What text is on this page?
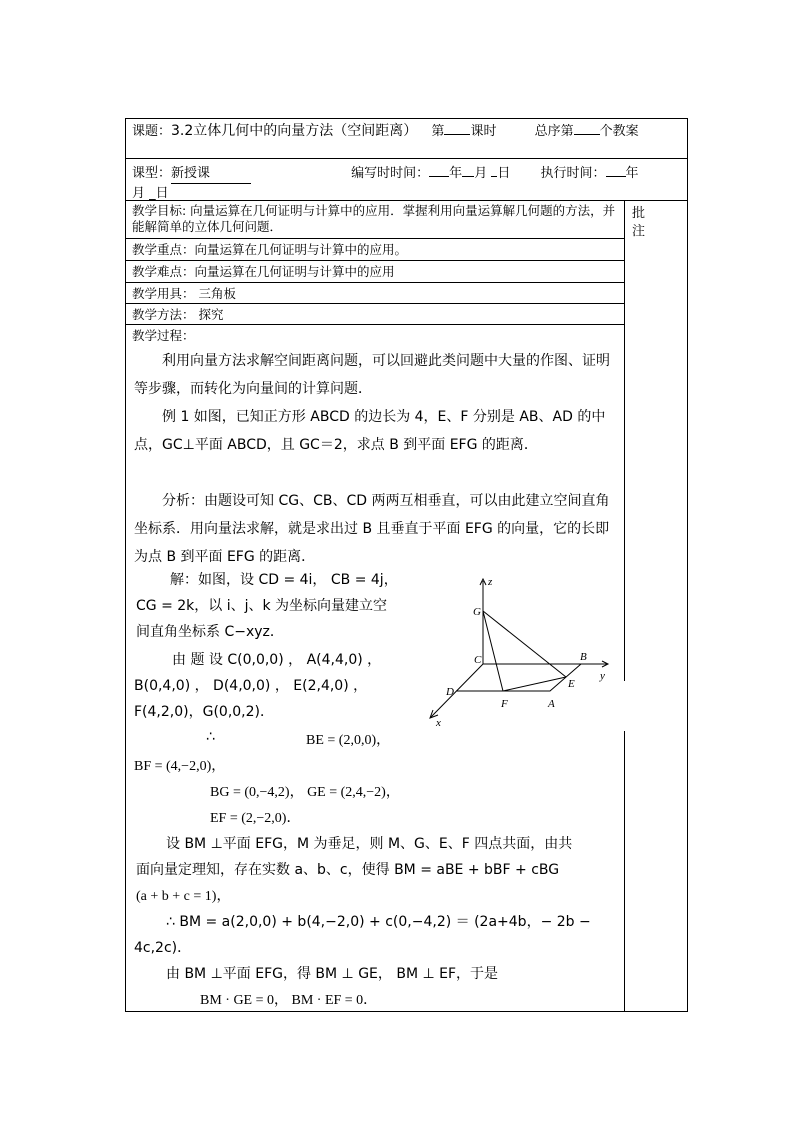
课题：3.2立体几何中的向量方法（空间距离） 第 课时	总序第 个教案
课型：新授课	编写时时间： 年 月 日 执行时间： 年
月 _日
批注
教学目标: 向量运算在几何证明与计算中的应用．掌握利用向量运算解几何题的方法，并能解简单的立体几何问题．
教学重点：向量运算在几何证明与计算中的应用。
教学难点：向量运算在几何证明与计算中的应用
教学用具： 三角板
教学方法： 探究
教学过程：
利用向量方法求解空间距离问题，可以回避此类问题中大量的作图、证明等步骤，而转化为向量间的计算问题．
例 1 如图，已知正方形 ABCD 的边长为 4，E、F 分别是 AB、AD 的中点，GC⊥平面 ABCD，且 GC＝2，求点 B 到平面 EFG 的距离．
分析：由题设可知 CG、CB、CD 两两互相垂直，可以由此建立空间直角坐标系．用向量法求解，就是求出过 B 且垂直于平面 EFG 的向量，它的长即为点 B 到平面 EFG 的距离．
解：如图，设 CD = 4i， CB = 4j，
CG = 2k，以 i、j、k 为坐标向量建立空
间直角坐标系 C−xyz．
由 题 设 C(0,0,0) ， A(4,4,0) ，
B(0,4,0) ， D(4,0,0) ， E(2,4,0) ，
F(4,2,0)，G(0,0,2)．
z
G
C	B
y
D
E
F	A
x
∴	BE = (2,0,0)，
BF = (4,−2,0)，
BG = (0,−4,2)， GE = (2,4,−2)，
EF = (2,−2,0)．
设 BM ⊥平面 EFG，M 为垂足，则 M、G、E、F 四点共面，由共
面向量定理知，存在实数 a、b、c，使得 BM = aBE + bBF + cBG
(a + b + c = 1)，
∴ BM = a(2,0,0) + b(4,−2,0) + c(0,−4,2) ＝ (2a+4b，− 2b −
4c,2c)．
由 BM ⊥平面 EFG，得 BM ⊥ GE， BM ⊥ EF，于是
BM · GE = 0， BM · EF = 0．
